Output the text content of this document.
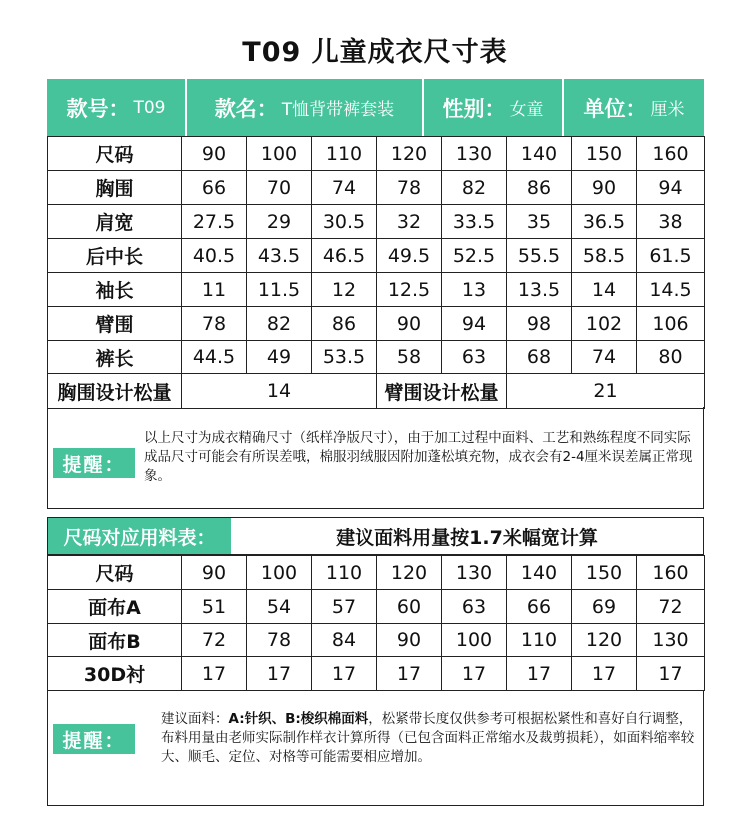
T09 儿童成衣尺寸表
款号： T09 款名： T恤背带裤套装 性别： 女童 单位： 厘米
尺码	90	100	110	120	130	140	150	160
胸围	66	70	74	78	82	86	90	94
肩宽	27.5	29	30.5	32	33.5	35	36.5	38
后中长	40.5	43.5	46.5	49.5	52.5	55.5	58.5	61.5
袖长	11	11.5	12	12.5	13	13.5	14	14.5
臂围	78	82	86	90	94	98	102	106
裤长	44.5	49	53.5	58	63	68	74	80
胸围设计松量	14			臂围设计松量		21		
提醒：
以上尺寸为成衣精确尺寸（纸样净版尺寸），由于加工过程中面料、工艺和熟练程度不同实际成品尺寸可能会有所误差哦，棉服羽绒服因附加蓬松填充物，成衣会有2-4厘米误差属正常现象。
尺码对应用料表：	建议面料用量按1.7米幅宽计算
尺码	90	100	110	120	130	140	150	160
面布A	51	54	57	60	63	66	69	72
面布B	72	78	84	90	100	110	120	130
30D衬	17	17	17	17	17	17	17	17
提醒：
建议面料：A:针织、B:梭织棉面料，松紧带长度仅供参考可根据松紧性和喜好自行调整，布料用量由老师实际制作样衣计算所得（已包含面料正常缩水及裁剪损耗），如面料缩率较大、顺毛、定位、对格等可能需要相应增加。
